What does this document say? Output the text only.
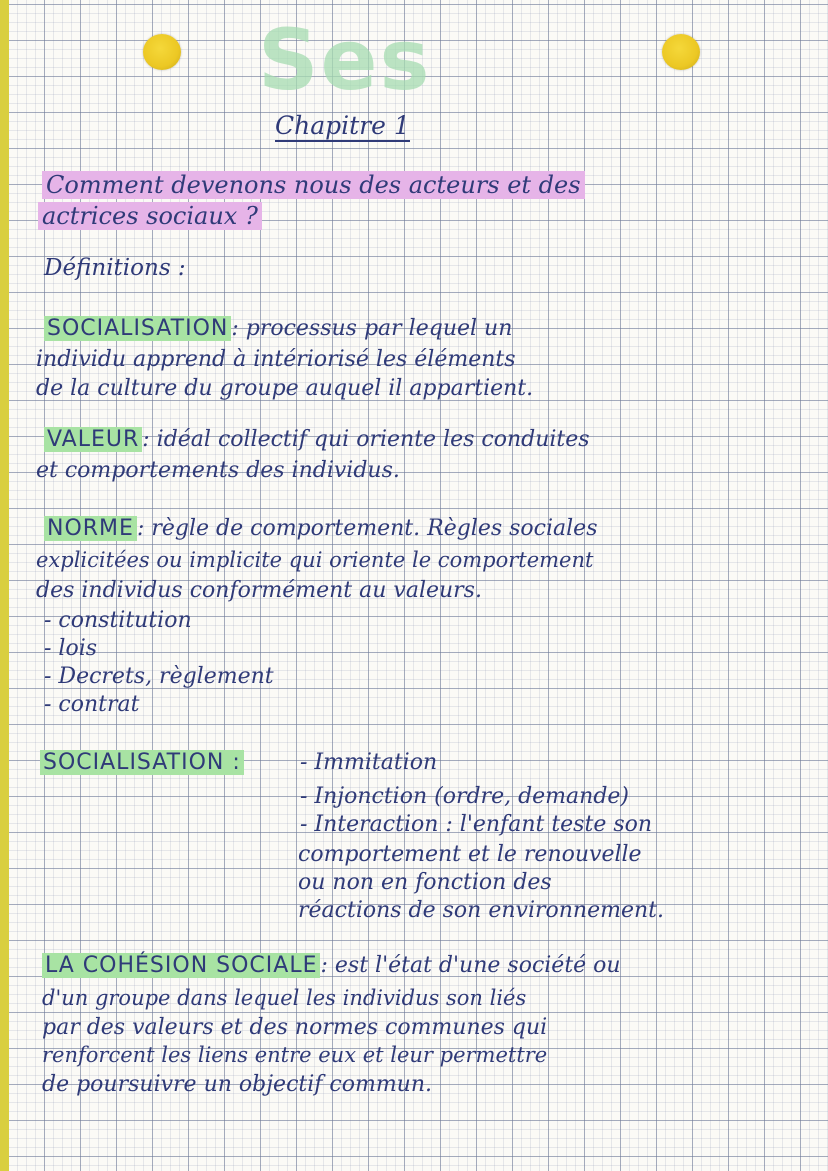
Ses
Chapitre 1
Comment devenons nous des acteurs et des
actrices sociaux ?
Définitions :
SOCIALISATION : processus par lequel un
individu apprend à intériorisé les éléments
de la culture du groupe auquel il appartient.
VALEUR : idéal collectif qui oriente les conduites
et comportements des individus.
NORME : règle de comportement. Règles sociales
explicitées ou implicite qui oriente le comportement
des individus conformément au valeurs.
- constitution
- lois
- Decrets, règlement
- contrat
SOCIALISATION :	- Immitation
- Injonction (ordre, demande)
- Interaction : l'enfant teste son
comportement et le renouvelle
ou non en fonction des
réactions de son environnement.
LA COHÉSION SOCIALE : est l'état d'une société ou
d'un groupe dans lequel les individus son liés
par des valeurs et des normes communes qui
renforcent les liens entre eux et leur permettre
de poursuivre un objectif commun.
